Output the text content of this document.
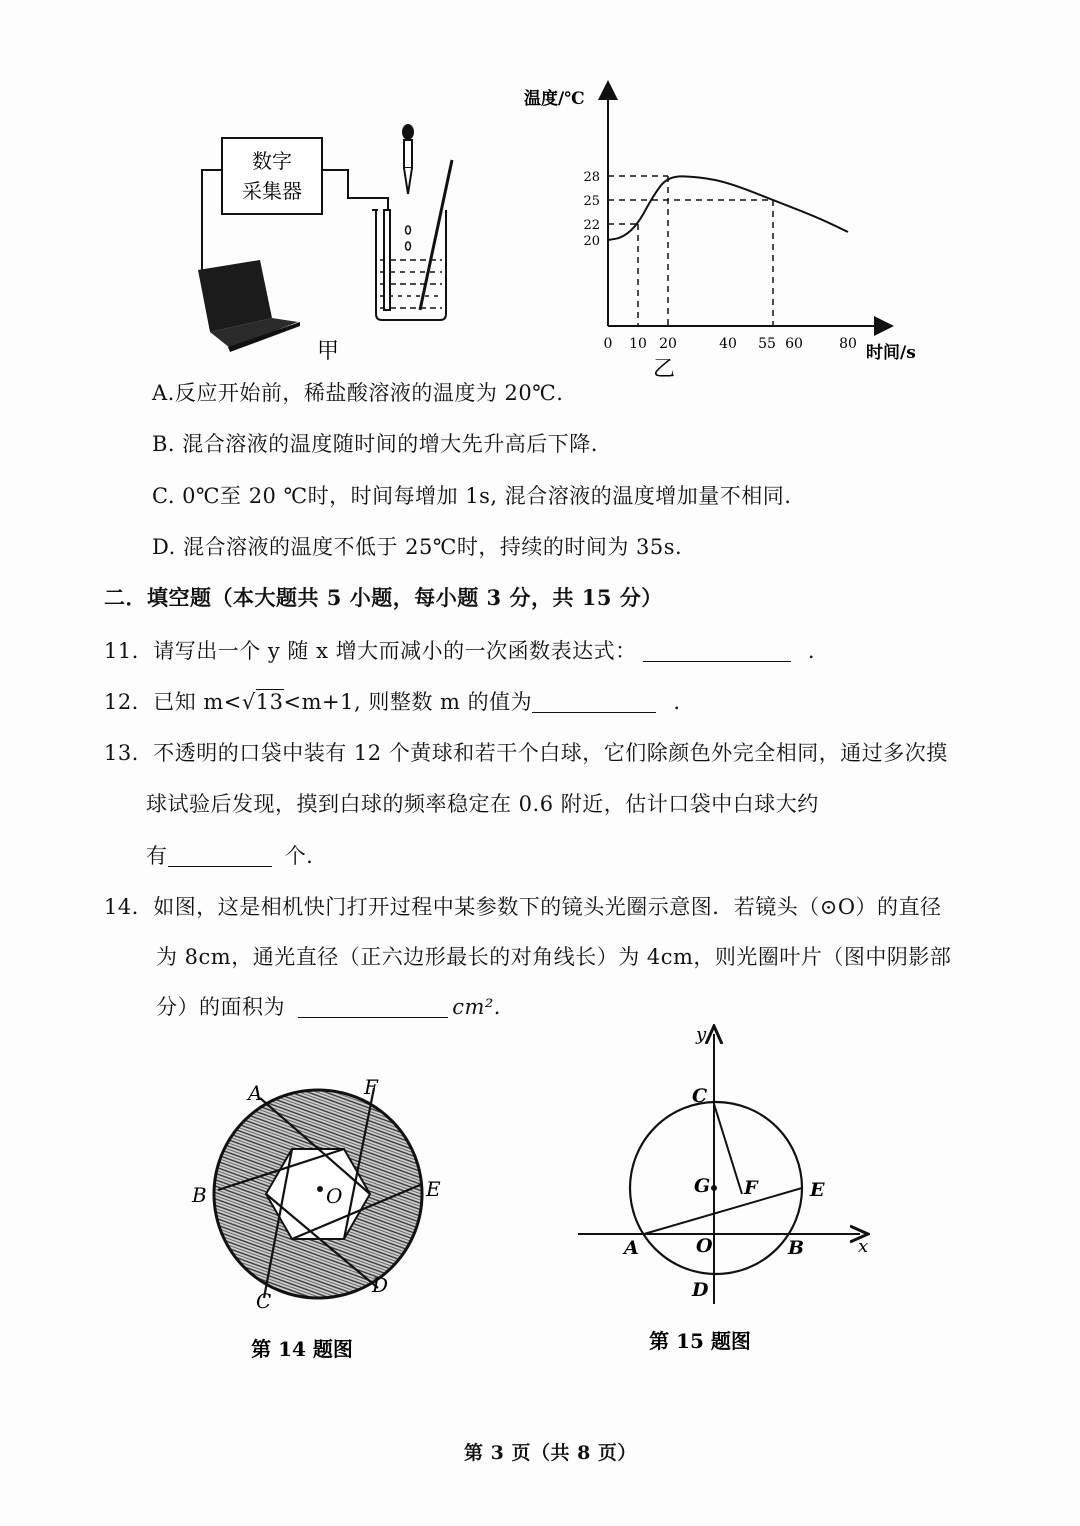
数字
采集器
甲
温度/℃
时间/s
乙
28
25
22
20
0 10 20	40 55 60	80
A.反应开始前，稀盐酸溶液的温度为 20℃.
B. 混合溶液的温度随时间的增大先升高后下降.
C. 0℃至 20 ℃时，时间每增加 1s, 混合溶液的温度增加量不相同.
D. 混合溶液的温度不低于 25℃时，持续的时间为 35s.
二．填空题（本大题共 5 小题，每小题 3 分，共 15 分）
11．请写出一个 y 随 x 增大而减小的一次函数表达式：	.
12．已知 m<√13<m+1, 则整数 m 的值为	.
13．不透明的口袋中装有 12 个黄球和若干个白球，它们除颜色外完全相同，通过多次摸
球试验后发现，摸到白球的频率稳定在 0.6 附近，估计口袋中白球大约
有	个.
14．如图，这是相机快门打开过程中某参数下的镜头光圈示意图．若镜头（⊙O）的直径
为 8cm，通光直径（正六边形最长的对角线长）为 4cm，则光圈叶片（图中阴影部
分）的面积为	cm².
O
A	F
B	E
C
D
第 14 题图
y
x
C
G F	E
A	O	B
D
第 15 题图
第 3 页（共 8 页）
